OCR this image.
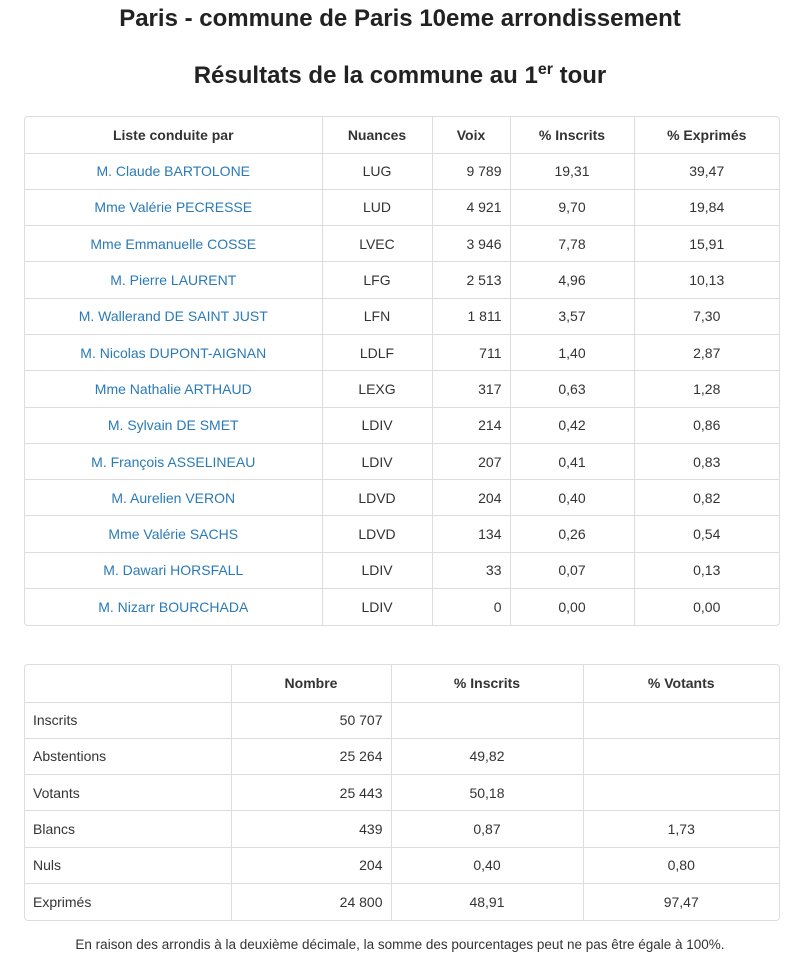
Paris - commune de Paris 10eme arrondissement
Résultats de la commune au 1er tour
Liste conduite par	Nuances	Voix	% Inscrits	% Exprimés
M. Claude BARTOLONE	LUG	9 789	19,31	39,47
Mme Valérie PECRESSE	LUD	4 921	9,70	19,84
Mme Emmanuelle COSSE	LVEC	3 946	7,78	15,91
M. Pierre LAURENT	LFG	2 513	4,96	10,13
M. Wallerand DE SAINT JUST	LFN	1 811	3,57	7,30
M. Nicolas DUPONT-AIGNAN	LDLF	711	1,40	2,87
Mme Nathalie ARTHAUD	LEXG	317	0,63	1,28
M. Sylvain DE SMET	LDIV	214	0,42	0,86
M. François ASSELINEAU	LDIV	207	0,41	0,83
M. Aurelien VERON	LDVD	204	0,40	0,82
Mme Valérie SACHS	LDVD	134	0,26	0,54
M. Dawari HORSFALL	LDIV	33	0,07	0,13
M. Nizarr BOURCHADA	LDIV	0	0,00	0,00
	Nombre	% Inscrits	% Votants
Inscrits	50 707		
Abstentions	25 264	49,82	
Votants	25 443	50,18	
Blancs	439	0,87	1,73
Nuls	204	0,40	0,80
Exprimés	24 800	48,91	97,47
En raison des arrondis à la deuxième décimale, la somme des pourcentages peut ne pas être égale à 100%.
